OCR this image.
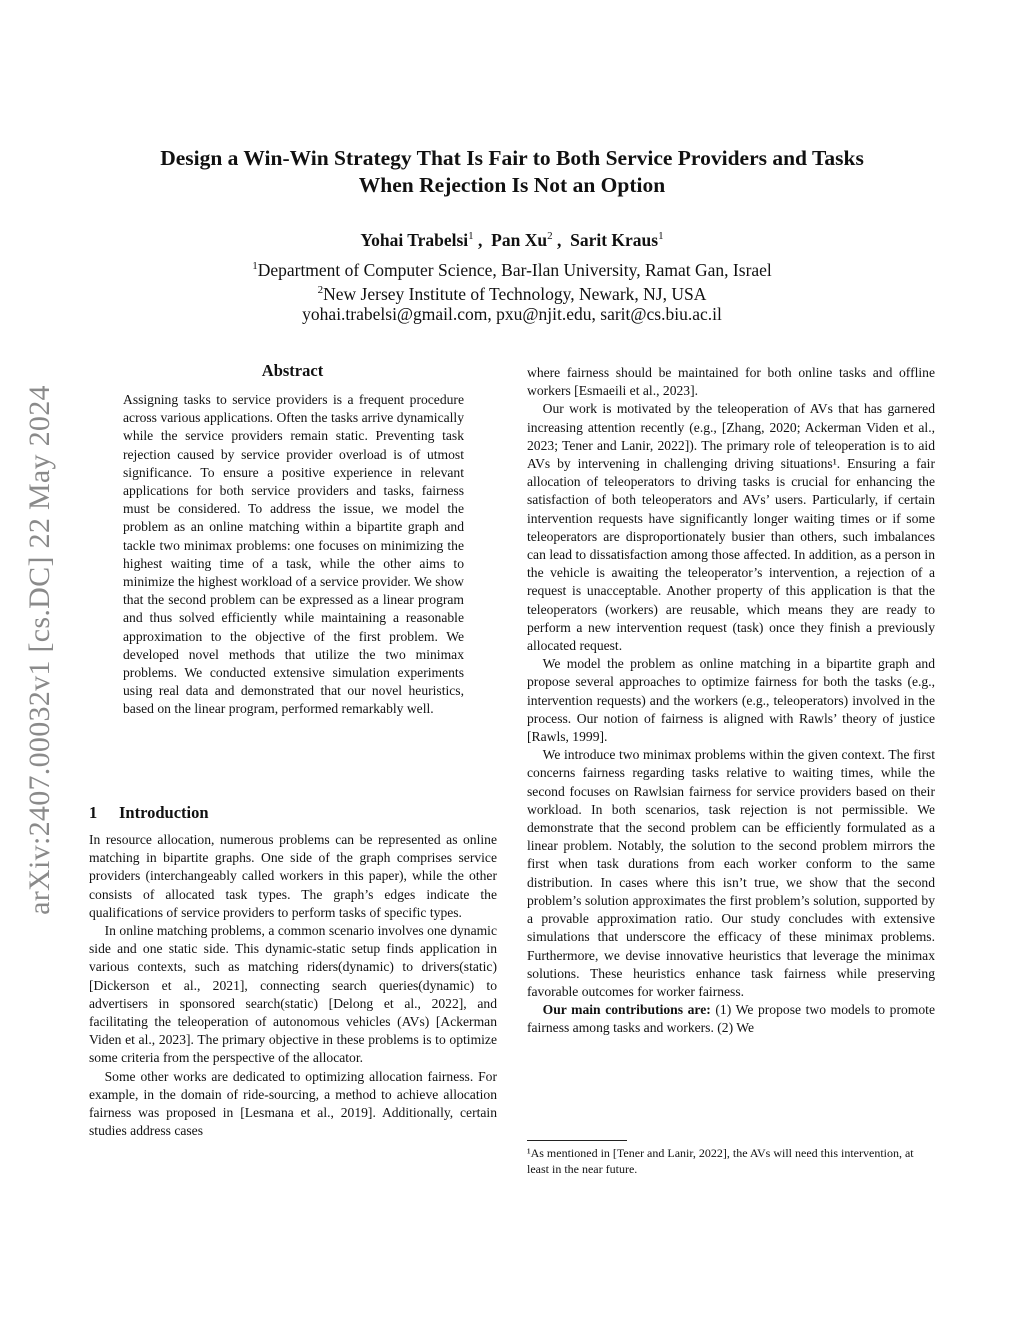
arXiv:2407.00032v1 [cs.DC] 22 May 2024
Design a Win-Win Strategy That Is Fair to Both Service Providers and Tasks
When Rejection Is Not an Option

Yohai Trabelsi$^1$ ,  Pan Xu$^2$ ,  Sarit Kraus$^1$

$^1$Department of Computer Science, Bar-Ilan University, Ramat Gan, Israel

$^2$New Jersey Institute of Technology, Newark, NJ, USA

yohai.trabelsi@gmail.com, pxu@njit.edu, sarit@cs.biu.ac.il

Abstract

Assigning tasks to service providers is a frequent procedure across various applications. Often the tasks arrive dynamically while the service providers remain static. Preventing task rejection caused by service provider overload is of utmost significance. To ensure a positive experience in relevant applications for both service providers and tasks, fairness must be considered. To address the issue, we model the problem as an online matching within a bipartite graph and tackle two minimax problems: one focuses on minimizing the highest waiting time of a task, while the other aims to minimize the highest workload of a service provider. We show that the second problem can be expressed as a linear program and thus solved efficiently while maintaining a reasonable approximation to the objective of the first problem. We developed novel methods that utilize the two minimax problems. We conducted extensive simulation experiments using real data and demonstrated that our novel heuristics, based on the linear program, performed remarkably well.

1 Introduction

In resource allocation, numerous problems can be represented as online matching in bipartite graphs. One side of the graph comprises service providers (interchangeably called workers in this paper), while the other consists of allocated task types. The graph’s edges indicate the qualifications of service providers to perform tasks of specific types.

In online matching problems, a common scenario involves one dynamic side and one static side. This dynamic-static setup finds application in various contexts, such as matching riders(dynamic) to drivers(static) [Dickerson et al., 2021], connecting search queries(dynamic) to advertisers in sponsored search(static) [Delong et al., 2022], and facilitating the teleoperation of autonomous vehicles (AVs) [Ackerman Viden et al., 2023]. The primary objective in these problems is to optimize some criteria from the perspective of the allocator.

Some other works are dedicated to optimizing allocation fairness. For example, in the domain of ride-sourcing, a method to achieve allocation fairness was proposed in [Lesmana et al., 2019]. Additionally, certain studies address cases

where fairness should be maintained for both online tasks and offline workers [Esmaeili et al., 2023].

Our work is motivated by the teleoperation of AVs that has garnered increasing attention recently (e.g., [Zhang, 2020; Ackerman Viden et al., 2023; Tener and Lanir, 2022]). The primary role of teleoperation is to aid AVs by intervening in challenging driving situations¹. Ensuring a fair allocation of teleoperators to driving tasks is crucial for enhancing the satisfaction of both teleoperators and AVs’ users. Particularly, if certain intervention requests have significantly longer waiting times or if some teleoperators are disproportionately busier than others, such imbalances can lead to dissatisfaction among those affected. In addition, as a person in the vehicle is awaiting the teleoperator’s intervention, a rejection of a request is unacceptable. Another property of this application is that the teleoperators (workers) are reusable, which means they are ready to perform a new intervention request (task) once they finish a previously allocated request.

We model the problem as online matching in a bipartite graph and propose several approaches to optimize fairness for both the tasks (e.g., intervention requests) and the workers (e.g., teleoperators) involved in the process. Our notion of fairness is aligned with Rawls’ theory of justice [Rawls, 1999].

We introduce two minimax problems within the given context. The first concerns fairness regarding tasks relative to waiting times, while the second focuses on Rawlsian fairness for service providers based on their workload. In both scenarios, task rejection is not permissible. We demonstrate that the second problem can be efficiently formulated as a linear problem. Notably, the solution to the second problem mirrors the first when task durations from each worker conform to the same distribution. In cases where this isn’t true, we show that the second problem’s solution approximates the first problem’s solution, supported by a provable approximation ratio. Our study concludes with extensive simulations that underscore the efficacy of these minimax problems. Furthermore, we devise innovative heuristics that leverage the minimax solutions. These heuristics enhance task fairness while preserving favorable outcomes for worker fairness.

Our main contributions are: (1) We propose two models to promote fairness among tasks and workers. (2) We

¹As mentioned in [Tener and Lanir, 2022], the AVs will need this intervention, at least in the near future.
